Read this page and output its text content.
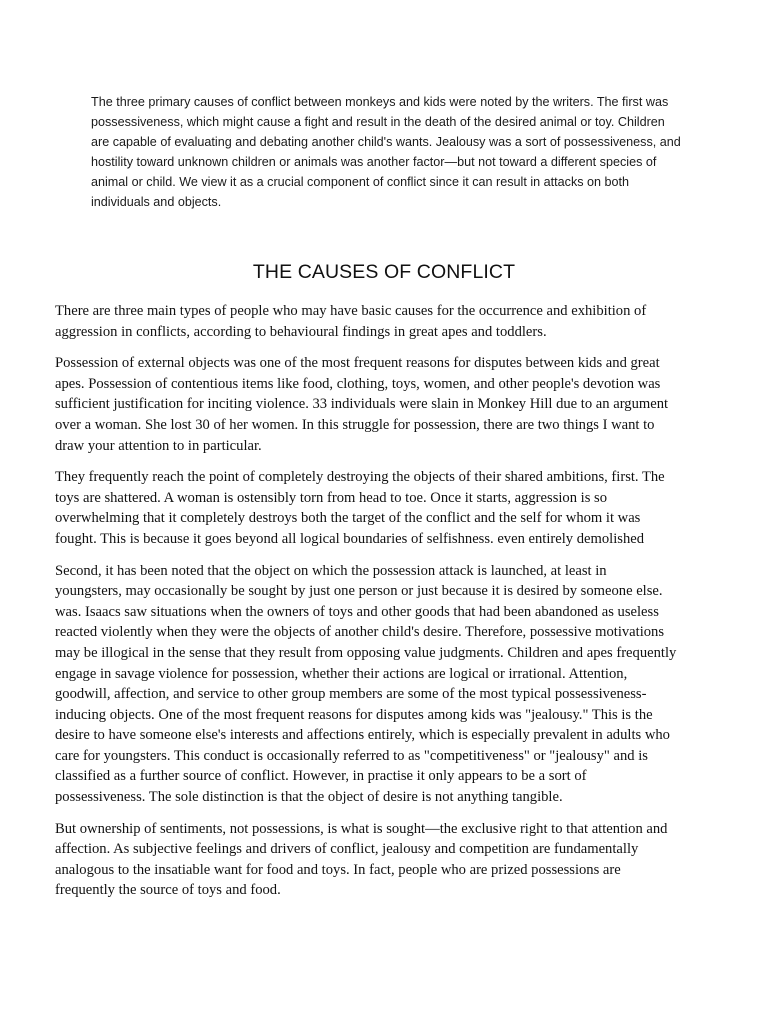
The three primary causes of conflict between monkeys and kids were noted by the writers. The first was possessiveness, which might cause a fight and result in the death of the desired animal or toy. Children are capable of evaluating and debating another child's wants. Jealousy was a sort of possessiveness, and hostility toward unknown children or animals was another factor—but not toward a different species of animal or child. We view it as a crucial component of conflict since it can result in attacks on both individuals and objects.

THE CAUSES OF CONFLICT

There are three main types of people who may have basic causes for the occurrence and exhibition of aggression in conflicts, according to behavioural findings in great apes and toddlers.

Possession of external objects was one of the most frequent reasons for disputes between kids and great apes. Possession of contentious items like food, clothing, toys, women, and other people's devotion was sufficient justification for inciting violence. 33 individuals were slain in Monkey Hill due to an argument over a woman. She lost 30 of her women. In this struggle for possession, there are two things I want to draw your attention to in particular.

They frequently reach the point of completely destroying the objects of their shared ambitions, first. The toys are shattered. A woman is ostensibly torn from head to toe. Once it starts, aggression is so overwhelming that it completely destroys both the target of the conflict and the self for whom it was fought. This is because it goes beyond all logical boundaries of selfishness. even entirely demolished

Second, it has been noted that the object on which the possession attack is launched, at least in youngsters, may occasionally be sought by just one person or just because it is desired by someone else. was. Isaacs saw situations when the owners of toys and other goods that had been abandoned as useless reacted violently when they were the objects of another child's desire. Therefore, possessive motivations may be illogical in the sense that they result from opposing value judgments. Children and apes frequently engage in savage violence for possession, whether their actions are logical or irrational. Attention, goodwill, affection, and service to other group members are some of the most typical possessiveness-inducing objects. One of the most frequent reasons for disputes among kids was "jealousy." This is the desire to have someone else's interests and affections entirely, which is especially prevalent in adults who care for youngsters. This conduct is occasionally referred to as "competitiveness" or "jealousy" and is classified as a further source of conflict. However, in practise it only appears to be a sort of possessiveness. The sole distinction is that the object of desire is not anything tangible.

But ownership of sentiments, not possessions, is what is sought—the exclusive right to that attention and affection. As subjective feelings and drivers of conflict, jealousy and competition are fundamentally analogous to the insatiable want for food and toys. In fact, people who are prized possessions are frequently the source of toys and food.
